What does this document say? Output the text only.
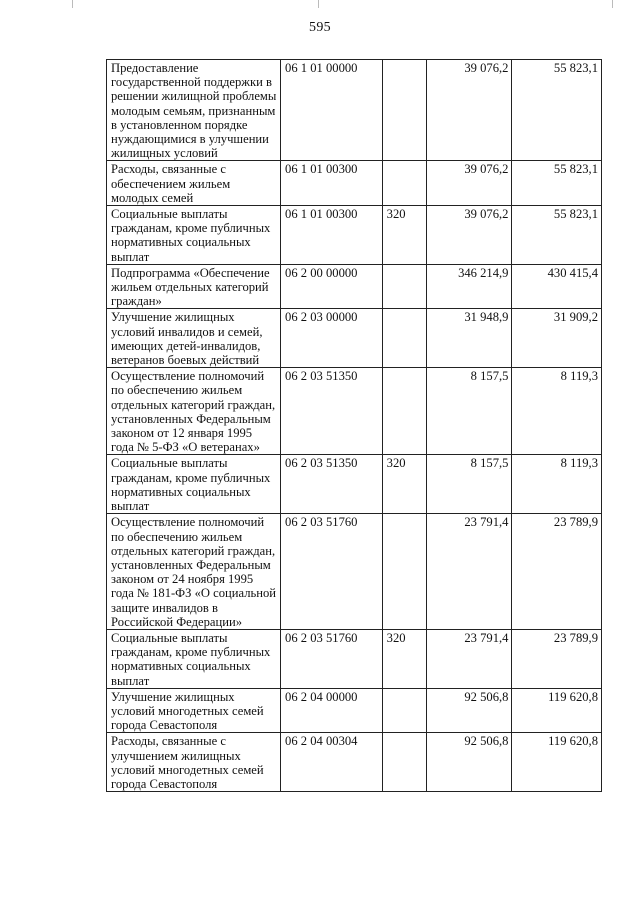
595
Предоставление государственной поддержки в решении жилищной проблемы молодым семьям, признанным в установленном порядке нуждающимися в улучшении жилищных условий	06 1 01 00000		39 076,2	55 823,1
Расходы, связанные с обеспечением жильем молодых семей	06 1 01 00300		39 076,2	55 823,1
Социальные выплаты гражданам, кроме публичных нормативных социальных выплат	06 1 01 00300	320	39 076,2	55 823,1
Подпрограмма «Обеспечение жильем отдельных категорий граждан»	06 2 00 00000		346 214,9	430 415,4
Улучшение жилищных условий инвалидов и семей, имеющих детей-инвалидов, ветеранов боевых действий	06 2 03 00000		31 948,9	31 909,2
Осуществление полномочий по обеспечению жильем отдельных категорий граждан, установленных Федеральным законом от 12 января 1995 года № 5-ФЗ «О ветеранах»	06 2 03 51350		8 157,5	8 119,3
Социальные выплаты гражданам, кроме публичных нормативных социальных выплат	06 2 03 51350	320	8 157,5	8 119,3
Осуществление полномочий по обеспечению жильем отдельных категорий граждан, установленных Федеральным законом от 24 ноября 1995 года № 181-ФЗ «О социальной защите инвалидов в Российской Федерации»	06 2 03 51760		23 791,4	23 789,9
Социальные выплаты гражданам, кроме публичных нормативных социальных выплат	06 2 03 51760	320	23 791,4	23 789,9
Улучшение жилищных условий многодетных семей города Севастополя	06 2 04 00000		92 506,8	119 620,8
Расходы, связанные с улучшением жилищных условий многодетных семей города Севастополя	06 2 04 00304		92 506,8	119 620,8
